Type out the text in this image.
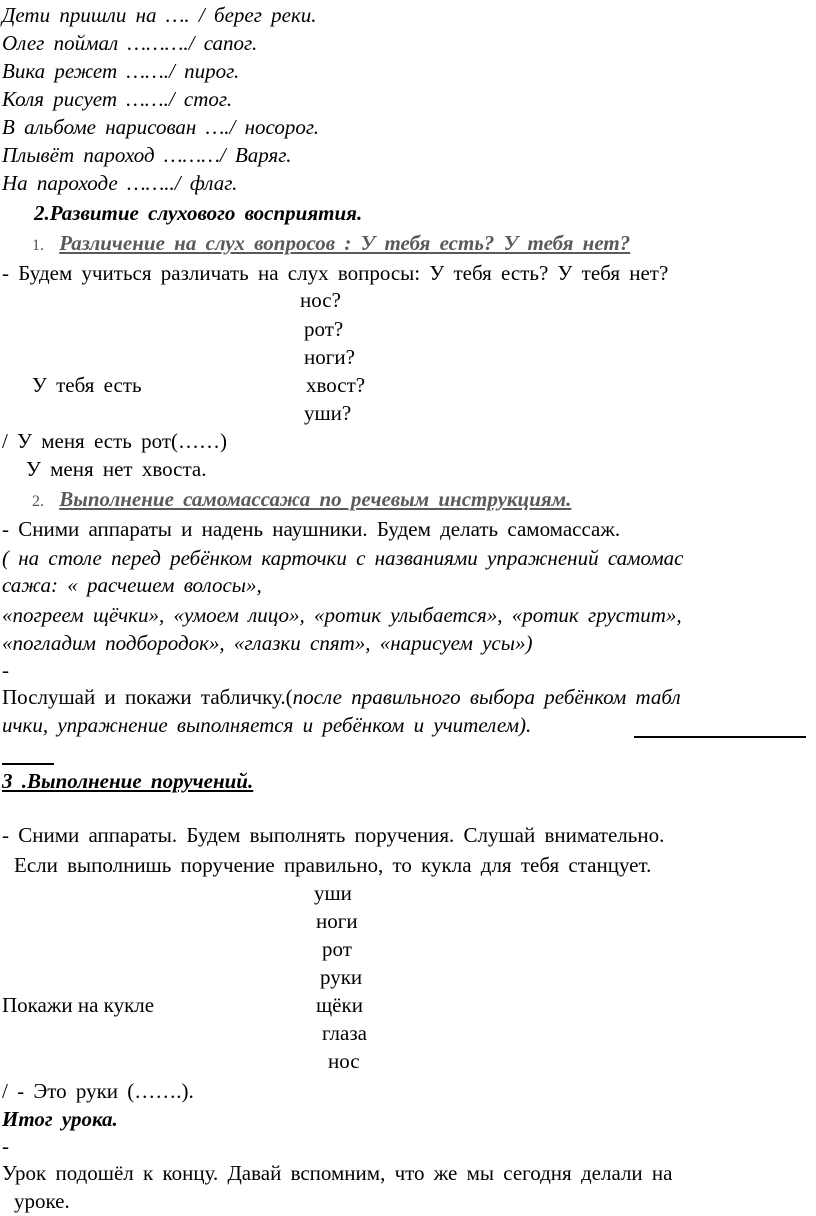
Дети пришли на …. / берег реки.
Олег поймал ………./ сапог.
Вика режет ……./ пирог.
Коля рисует ……./ стог.
В альбоме нарисован …./ носорог.
Плывёт пароход ………/ Варяг.
На пароходе ……../ флаг.
2.Развитие слухового восприятия.
1. Различение на слух вопросов : У тебя есть? У тебя нет?
- Будем учиться различать на слух вопросы: У тебя есть? У тебя нет?
нос?
рот?
ноги?
хвост?
У тебя есть
уши?
/ У меня есть рот(……)
У меня нет хвоста.
2. Выполнение самомассажа по речевым инструкциям.
- Сними аппараты и надень наушники. Будем делать самомассаж.
( на столе перед ребёнком карточки с названиями упражнений самомас
сажа: « расчешем волосы»,
«погреем щёчки», «умоем лицо», «ротик улыбается», «ротик грустит»,
«погладим подбородок», «глазки спят», «нарисуем усы»)
-
Послушай и покажи табличку.(после правильного выбора ребёнком табл
ички, упражнение выполняется и ребёнком и учителем).
3 .Выполнение поручений.
- Сними аппараты. Будем выполнять поручения. Слушай внимательно.
Если выполнишь поручение правильно, то кукла для тебя станцует.
уши
ноги
рот
руки
щёки
Покажи на кукле
глаза
нос
/ - Это руки (…….).
Итог урока.
-
Урок подошёл к концу. Давай вспомним, что же мы сегодня делали на
уроке.
